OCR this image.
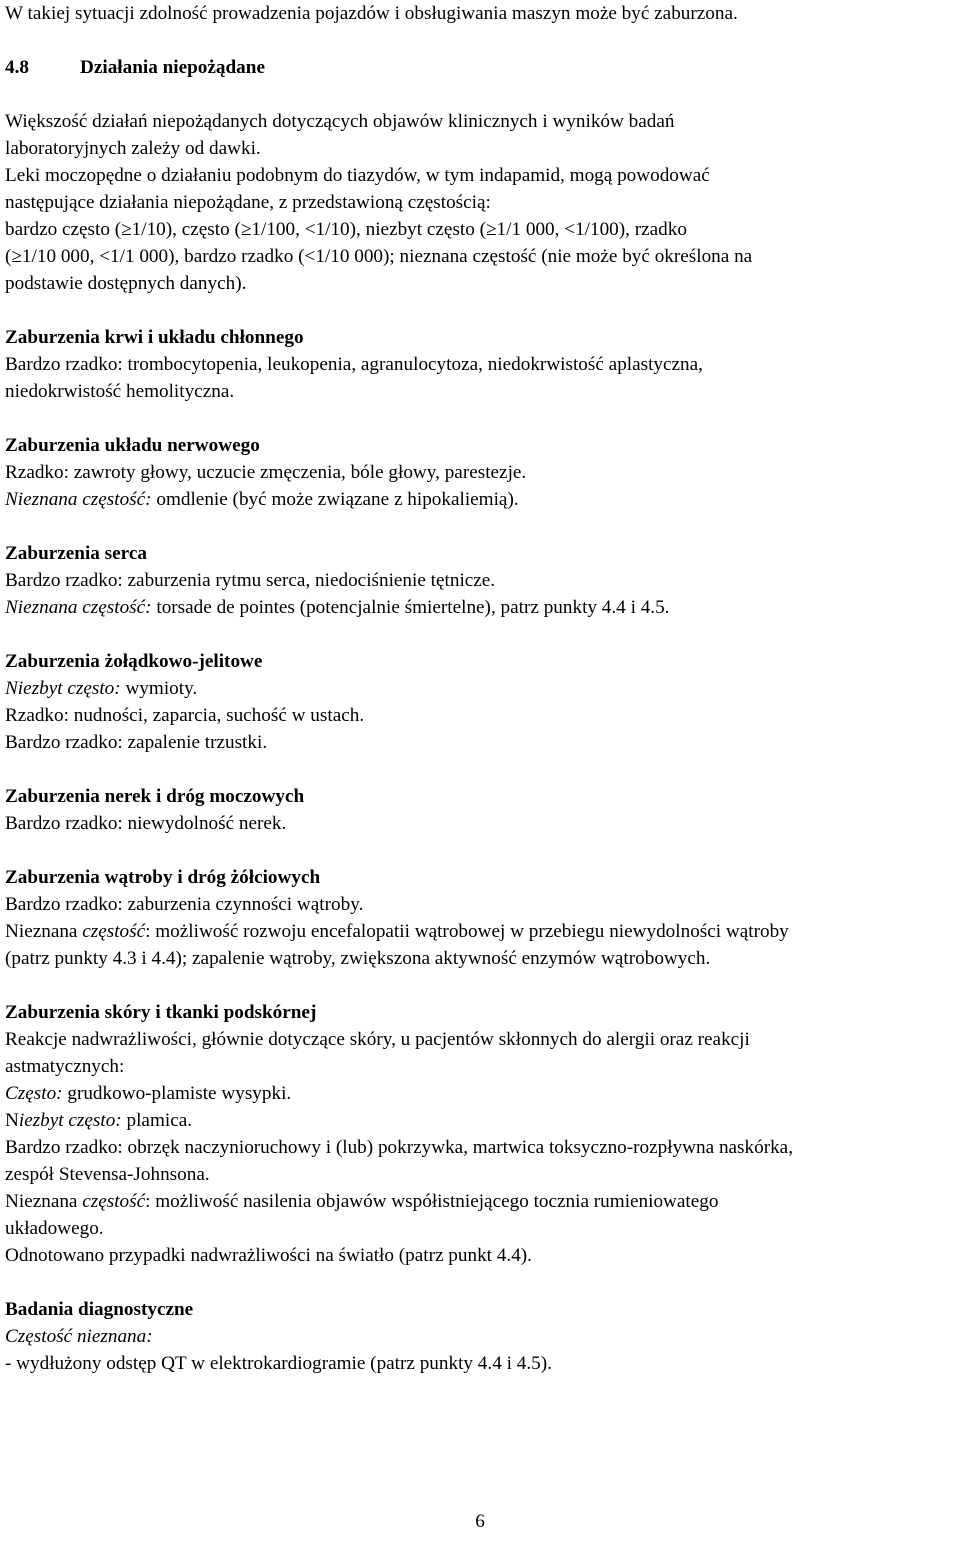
W takiej sytuacji zdolność prowadzenia pojazdów i obsługiwania maszyn może być zaburzona.

4.8	Działania niepożądane

Większość działań niepożądanych dotyczących objawów klinicznych i wyników badań

laboratoryjnych zależy od dawki.

Leki moczopędne o działaniu podobnym do tiazydów, w tym indapamid, mogą powodować

następujące działania niepożądane, z przedstawioną częstością:

bardzo często (≥1/10), często (≥1/100, <1/10), niezbyt często (≥1/1 000, <1/100), rzadko

(≥1/10 000, <1/1 000), bardzo rzadko (<1/10 000); nieznana częstość (nie może być określona na

podstawie dostępnych danych).

Zaburzenia krwi i układu chłonnego

Bardzo rzadko: trombocytopenia, leukopenia, agranulocytoza, niedokrwistość aplastyczna,

niedokrwistość hemolityczna.

Zaburzenia układu nerwowego

Rzadko: zawroty głowy, uczucie zmęczenia, bóle głowy, parestezje.

Nieznana częstość: omdlenie (być może związane z hipokaliemią).

Zaburzenia serca

Bardzo rzadko: zaburzenia rytmu serca, niedociśnienie tętnicze.

Nieznana częstość: torsade de pointes (potencjalnie śmiertelne), patrz punkty 4.4 i 4.5.

Zaburzenia żołądkowo-jelitowe

Niezbyt często: wymioty.

Rzadko: nudności, zaparcia, suchość w ustach.

Bardzo rzadko: zapalenie trzustki.

Zaburzenia nerek i dróg moczowych

Bardzo rzadko: niewydolność nerek.

Zaburzenia wątroby i dróg żółciowych

Bardzo rzadko: zaburzenia czynności wątroby.

Nieznana częstość: możliwość rozwoju encefalopatii wątrobowej w przebiegu niewydolności wątroby

(patrz punkty 4.3 i 4.4); zapalenie wątroby, zwiększona aktywność enzymów wątrobowych.

Zaburzenia skóry i tkanki podskórnej

Reakcje nadwrażliwości, głównie dotyczące skóry, u pacjentów skłonnych do alergii oraz reakcji

astmatycznych:

Często: grudkowo-plamiste wysypki.

Niezbyt często: plamica.

Bardzo rzadko: obrzęk naczynioruchowy i (lub) pokrzywka, martwica toksyczno-rozpływna naskórka,

zespół Stevensa-Johnsona.

Nieznana częstość: możliwość nasilenia objawów współistniejącego tocznia rumieniowatego

układowego.

Odnotowano przypadki nadwrażliwości na światło (patrz punkt 4.4).

Badania diagnostyczne

Częstość nieznana:

- wydłużony odstęp QT w elektrokardiogramie (patrz punkty 4.4 i 4.5).

6
